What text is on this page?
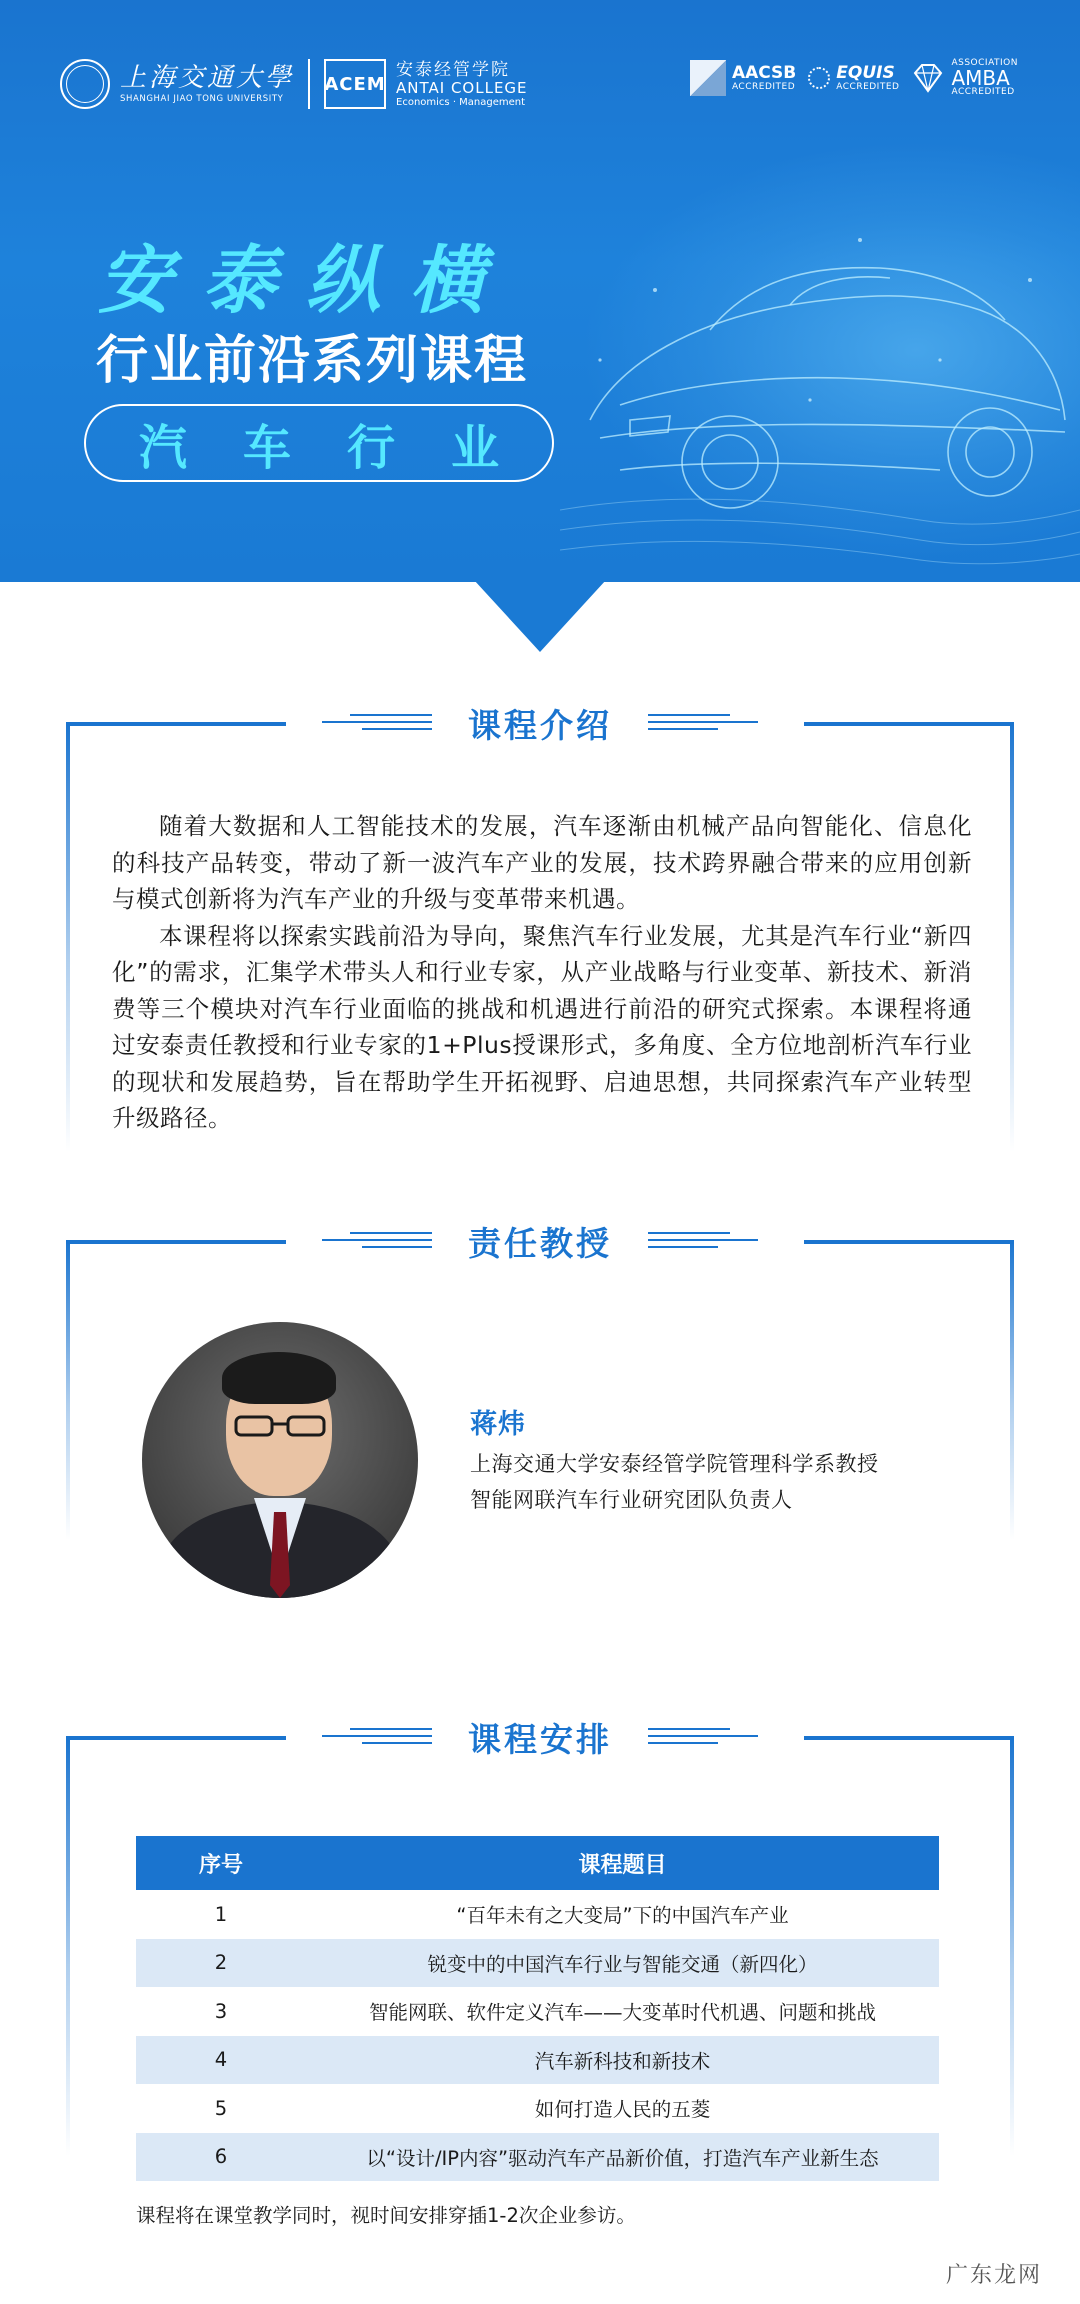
上海交通大學
SHANGHAI JIAO TONG UNIVERSITY
ACEM
安泰经管学院
ANTAI COLLEGE
Economics · Management
AACSB
ACCREDITED
EQUIS
ACCREDITED
ASSOCIATION
AMBA
ACCREDITED
安泰纵横
行业前沿系列课程
汽车行业
课程介绍

随着大数据和人工智能技术的发展，汽车逐渐由机械产品向智能化、信息化的科技产品转变，带动了新一波汽车产业的发展，技术跨界融合带来的应用创新与模式创新将为汽车产业的升级与变革带来机遇。

本课程将以探索实践前沿为导向，聚焦汽车行业发展，尤其是汽车行业“新四化”的需求，汇集学术带头人和行业专家，从产业战略与行业变革、新技术、新消费等三个模块对汽车行业面临的挑战和机遇进行前沿的研究式探索。本课程将通过安泰责任教授和行业专家的1+Plus授课形式，多角度、全方位地剖析汽车行业的现状和发展趋势，旨在帮助学生开拓视野、启迪思想，共同探索汽车产业转型升级路径。

责任教授
蒋炜
上海交通大学安泰经管学院管理科学系教授
智能网联汽车行业研究团队负责人
课程安排
序号	课程题目
1	“百年未有之大变局”下的中国汽车产业
2	锐变中的中国汽车行业与智能交通（新四化）
3	智能网联、软件定义汽车——大变革时代机遇、问题和挑战
4	汽车新科技和新技术
5	如何打造人民的五菱
6	以“设计/IP内容”驱动汽车产品新价值，打造汽车产业新生态
课程将在课堂教学同时，视时间安排穿插1-2次企业参访。
广东龙网
